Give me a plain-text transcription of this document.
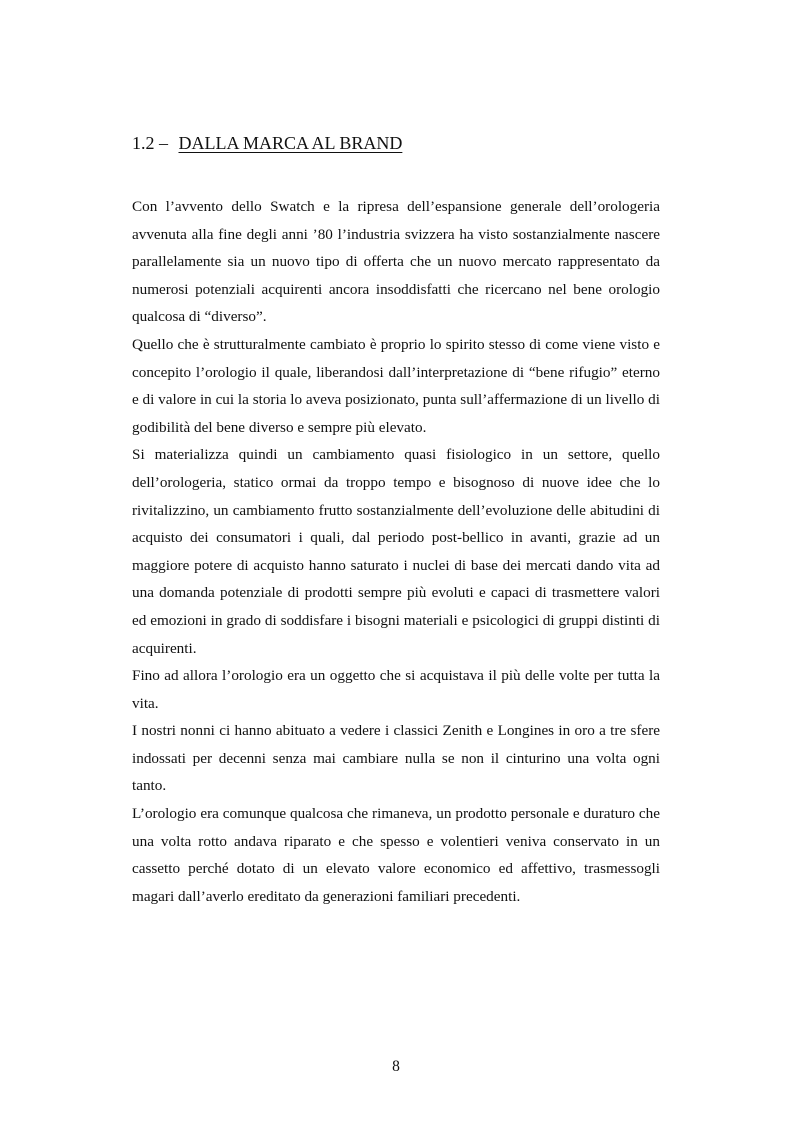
1.2 – DALLA MARCA AL BRAND

Con l’avvento dello Swatch e la ripresa dell’espansione generale dell’orologeria avvenuta alla fine degli anni ’80 l’industria svizzera ha visto sostanzialmente nascere parallelamente sia un nuovo tipo di offerta che un nuovo mercato rappresentato da numerosi potenziali acquirenti ancora insoddisfatti che ricercano nel bene orologio qualcosa di “diverso”.

Quello che è strutturalmente cambiato è proprio lo spirito stesso di come viene visto e concepito l’orologio il quale, liberandosi dall’interpretazione di “bene rifugio” eterno e di valore in cui la storia lo aveva posizionato, punta sull’affermazione di un livello di godibilità del bene diverso e sempre più elevato.

Si materializza quindi un cambiamento quasi fisiologico in un settore, quello dell’orologeria, statico ormai da troppo tempo e bisognoso di nuove idee che lo rivitalizzino, un cambiamento frutto sostanzialmente dell’evoluzione delle abitudini di acquisto dei consumatori i quali, dal periodo post-bellico in avanti, grazie ad un maggiore potere di acquisto hanno saturato i nuclei di base dei mercati dando vita ad una domanda potenziale di prodotti sempre più evoluti e capaci di trasmettere valori ed emozioni in grado di soddisfare i bisogni materiali e psicologici di gruppi distinti di acquirenti.

Fino ad allora l’orologio era un oggetto che si acquistava il più delle volte per tutta la vita.

I nostri nonni ci hanno abituato a vedere i classici Zenith e Longines in oro a tre sfere indossati per decenni senza mai cambiare nulla se non il cinturino una volta ogni tanto.

L’orologio era comunque qualcosa che rimaneva, un prodotto personale e duraturo che una volta rotto andava riparato e che spesso e volentieri veniva conservato in un cassetto perché dotato di un elevato valore economico ed affettivo, trasmessogli magari dall’averlo ereditato da generazioni familiari precedenti.

8
